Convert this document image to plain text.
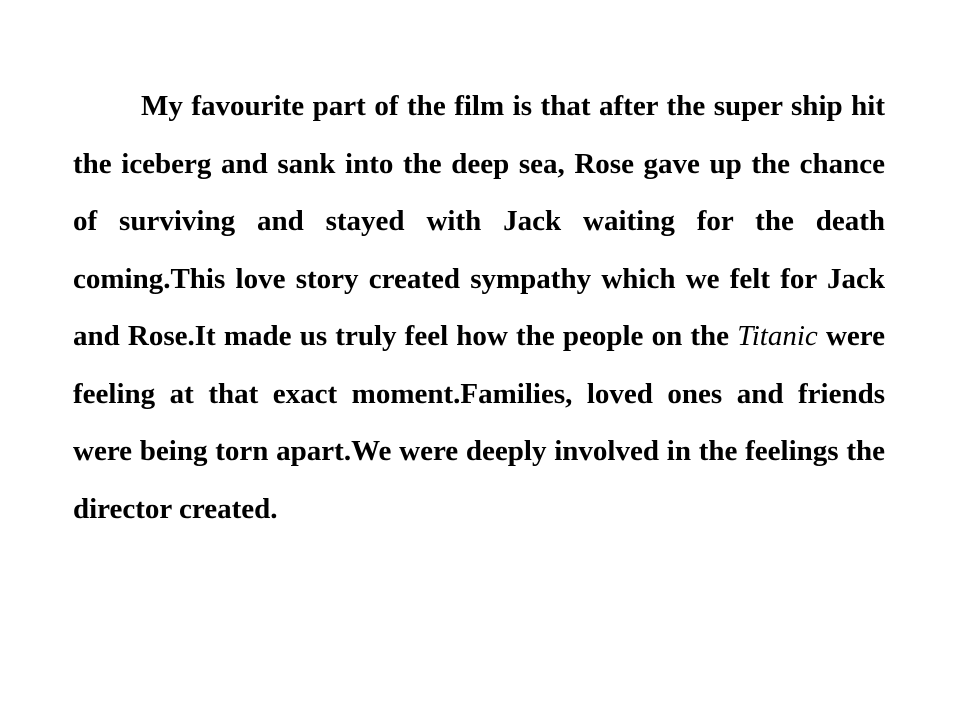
My favourite part of the film is that after the super ship hit the iceberg and sank into the deep sea, Rose gave up the chance of surviving and stayed with Jack waiting for the death coming.This love story created sympathy which we felt for Jack and Rose.It made us truly feel how the people on the Titanic were feeling at that exact moment.Families, loved ones and friends were being torn apart.We were deeply involved in the feelings the director created.
